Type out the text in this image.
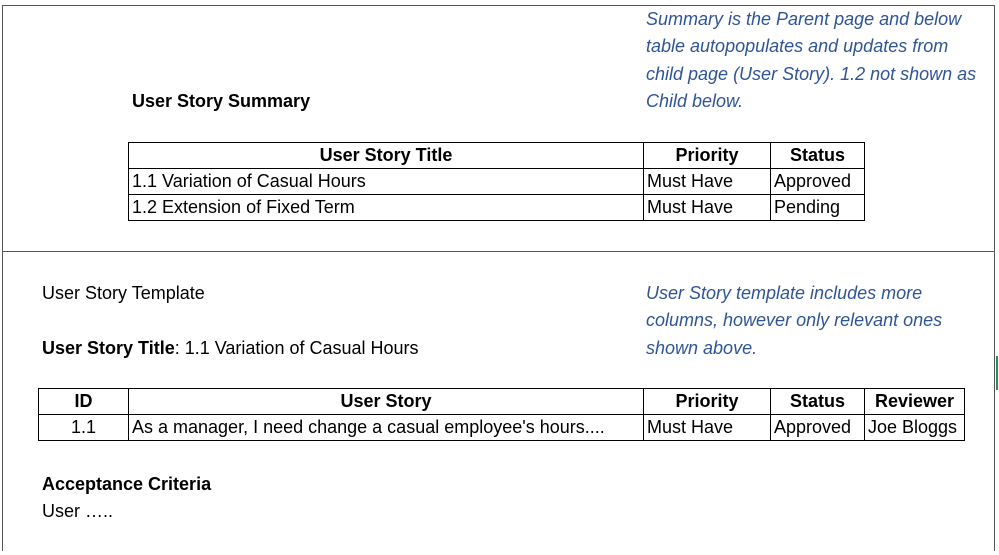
User Story Summary
Summary is the Parent page and below
table autopopulates and updates from
child page (User Story). 1.2 not shown as
Child below.
User Story Title	Priority	Status
1.1 Variation of Casual Hours	Must Have	Approved
1.2 Extension of Fixed Term	Must Have	Pending
User Story Template
User Story Title: 1.1 Variation of Casual Hours
User Story template includes more
columns, however only relevant ones
shown above.
ID	User Story	Priority	Status	Reviewer
1.1	As a manager, I need change a casual employee's hours....	Must Have	Approved	Joe Bloggs
Acceptance Criteria
User …..
